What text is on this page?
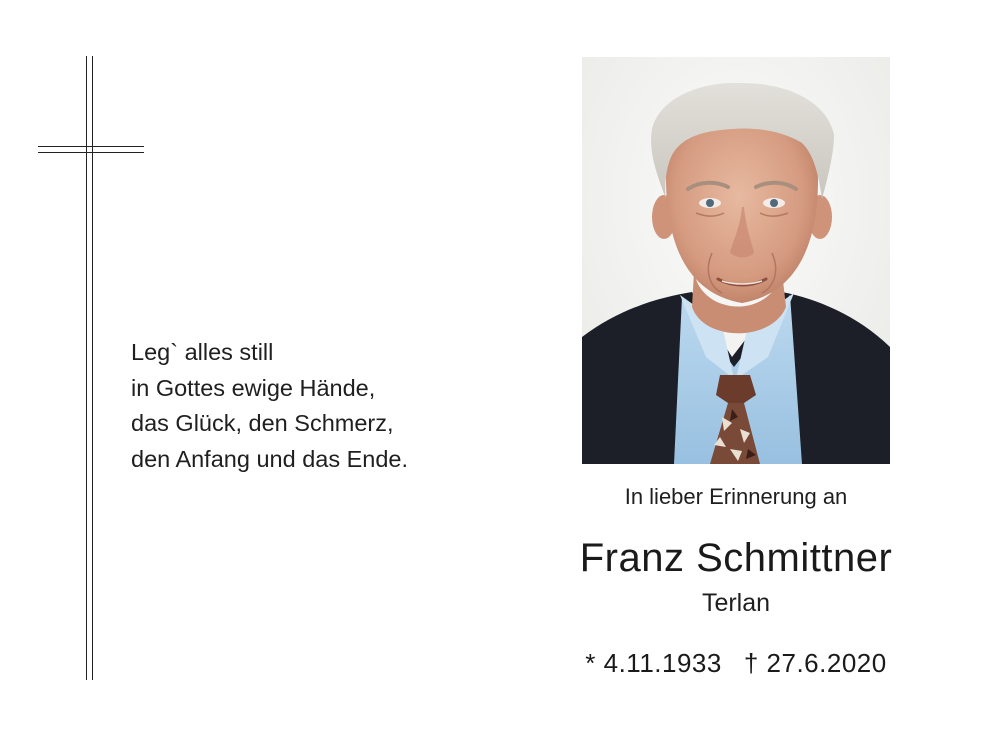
Leg` alles still
in Gottes ewige Hände,
das Glück, den Schmerz,
den Anfang und das Ende.
In lieber Erinnerung an
Franz Schmittner
Terlan
* 4.11.1933 † 27.6.2020
